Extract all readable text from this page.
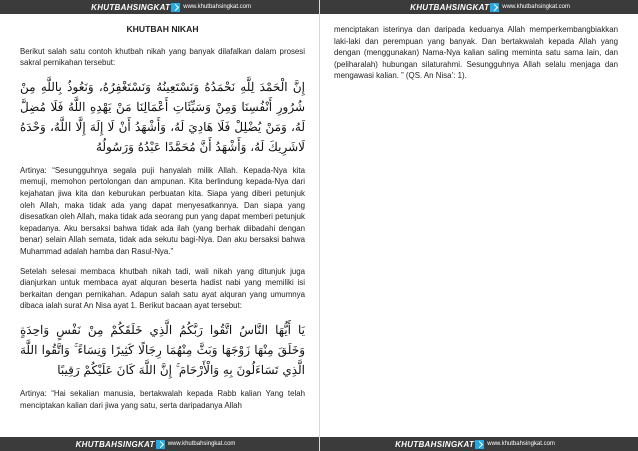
KHUTBAHSINGKAT www.khutbahsingkat.com
KHUTBAH NIKAH

Berikut salah satu contoh khutbah nikah yang banyak dilafalkan dalam prosesi sakral pernikahan tersebut:

إِنَّ الْحَمْدَ لِلَّهِ نَحْمَدُهُ وَنَسْتَعِينُهُ وَنَسْتَغْفِرُهُ، وَنَعُوذُ بِاللَّهِ مِنْ شُرُورِ أَنْفُسِنَا وَمِنْ وَسَيِّئَاتِ أَعْمَالِنَا مَنْ يَهْدِهِ اللَّهُ فَلَا مُضِلَّ لَهُ، وَمَنْ يُضْلِلْ فَلَا هَادِيَ لَهُ، وَأَشْهَدُ أَنْ لَا إِلَهَ إِلَّا اللَّهُ، وَحْدَهُ لَاشَرِيكَ لَهُ، وَأَشْهَدُ أَنَّ مُحَمَّدًا عَبْدُهُ وَرَسُولُهُ

Artinya: “Sesungguhnya segala puji hanyalah milik Allah. Kepada-Nya kita memuji, memohon pertolongan dan ampunan. Kita berlindung kepada-Nya dari kejahatan jiwa kita dan keburukan perbuatan kita. Siapa yang diberi petunjuk oleh Allah, maka tidak ada yang dapat menyesatkannya. Dan siapa yang disesatkan oleh Allah, maka tidak ada seorang pun yang dapat memberi petunjuk kepadanya. Aku bersaksi bahwa tidak ada ilah (yang berhak diibadahi dengan benar) selain Allah semata, tidak ada sekutu bagi-Nya. Dan aku bersaksi bahwa Muhammad adalah hamba dan Rasul-Nya.”

Setelah selesai membaca khutbah nikah tadi, wali nikah yang ditunjuk juga dianjurkan untuk membaca ayat alquran beserta hadist nabi yang memiliki isi berkaitan dengan pernikahan. Adapun salah satu ayat alquran yang umumnya dibaca ialah surat An Nisa ayat 1. Berikut bacaan ayat tersebut:

يَا أَيُّهَا النَّاسُ اتَّقُوا رَبَّكُمُ الَّذِي خَلَقَكُمْ مِنْ نَفْسٍ وَاحِدَةٍ وَخَلَقَ مِنْهَا زَوْجَهَا وَبَثَّ مِنْهُمَا رِجَالًا كَثِيرًا وَنِسَاءً ۚ وَاتَّقُوا اللَّهَ الَّذِي تَسَاءَلُونَ بِهِ وَالْأَرْحَامَ ۚ إِنَّ اللَّهَ كَانَ عَلَيْكُمْ رَقِيبًا

Artinya: “Hai sekalian manusia, bertakwalah kepada Rabb kalian Yang telah menciptakan kalian dari jiwa yang satu, serta daripadanya Allah

KHUTBAHSINGKAT www.khutbahsingkat.com
KHUTBAHSINGKAT www.khutbahsingkat.com

menciptakan isterinya dan daripada keduanya Allah memperkembangbiakkan laki-laki dan perempuan yang banyak. Dan bertakwalah kepada Allah yang dengan (menggunakan) Nama-Nya kalian saling meminta satu sama lain, dan (peliharalah) hubungan silaturahmi. Sesungguhnya Allah selalu menjaga dan mengawasi kalian. ” (QS. An Nisa’: 1).

KHUTBAHSINGKAT www.khutbahsingkat.com
